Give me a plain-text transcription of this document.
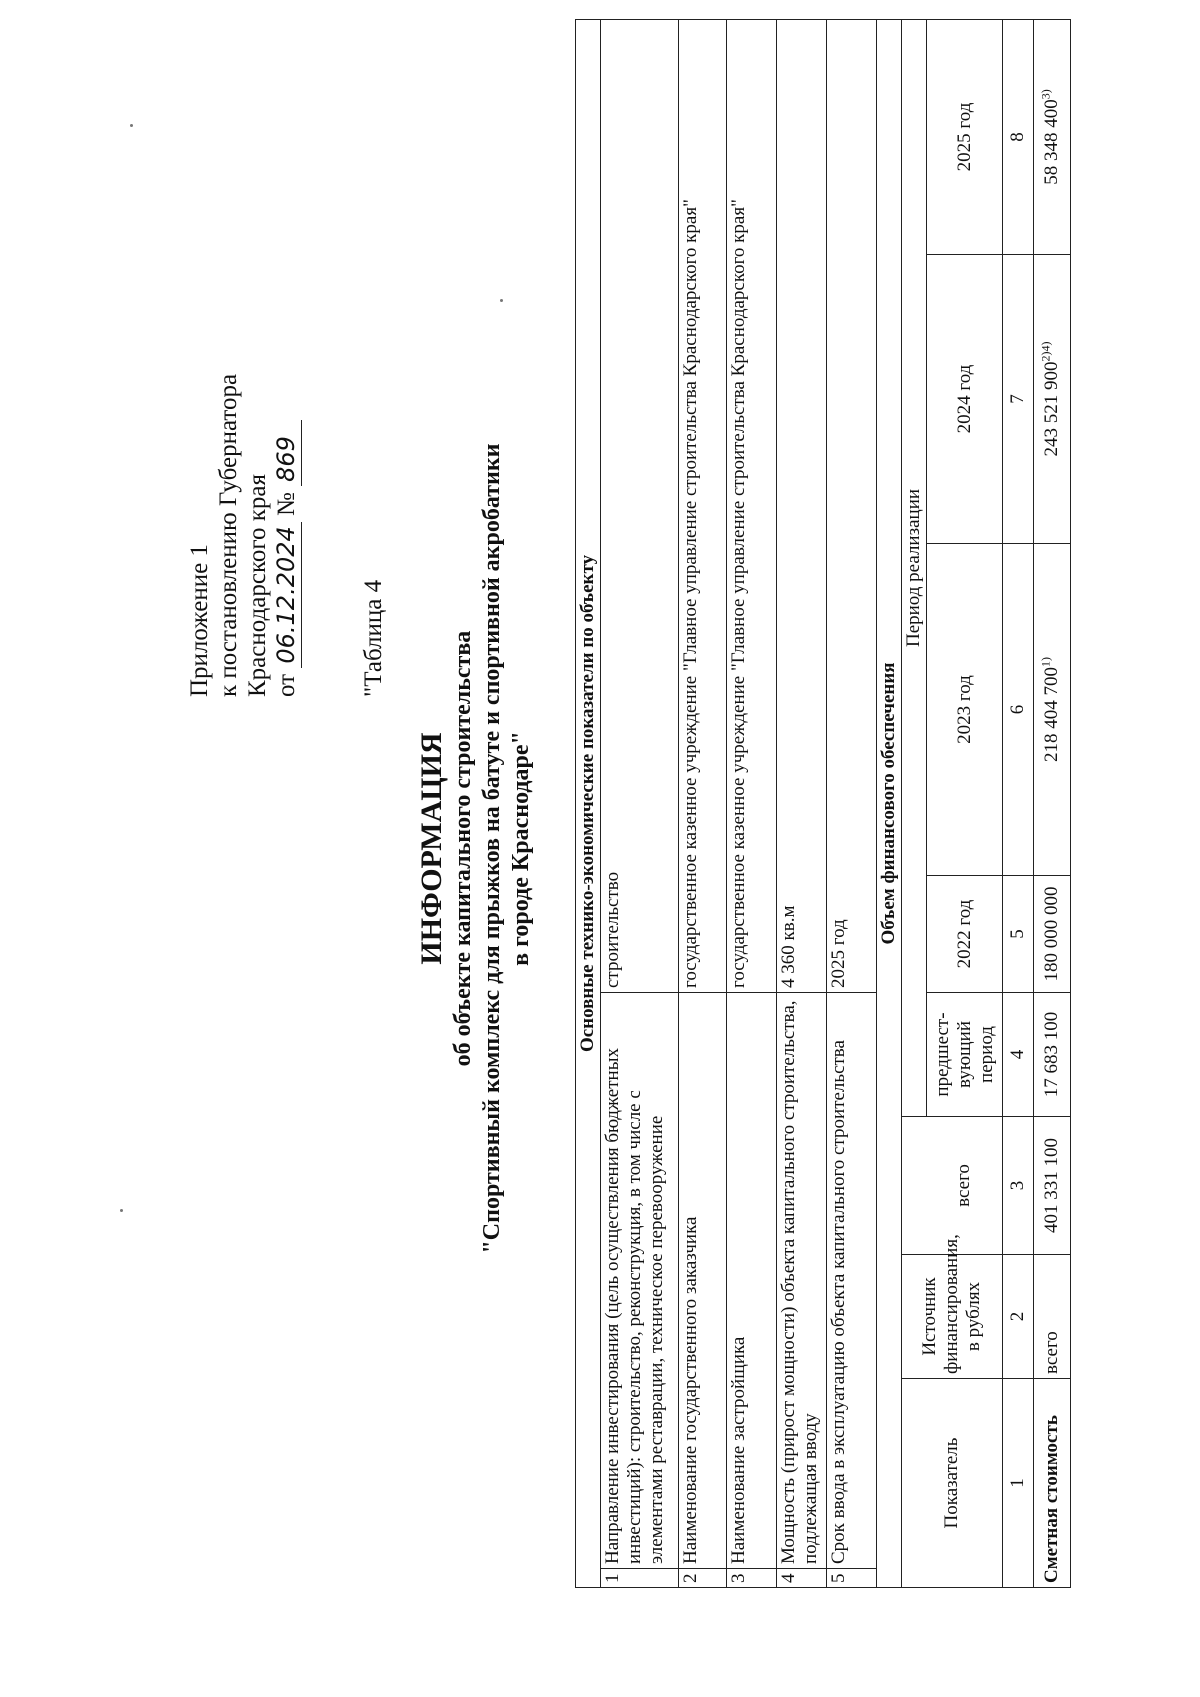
Приложение 1 к постановлению Губернатора Краснодарского края от 06.12.2024 № 869
"Таблица 4
ИНФОРМАЦИЯ об объекте капитального строительства "Спортивный комплекс для прыжков на батуте и спортивной акробатики в городе Краснодаре" Основные технико-экономические показатели по объекту								
1	Направление инвестирования (цель осуществления бюджетных инвестиций): строительство, реконструкция, в том числе с элементами реставрации, техническое перевооружение				строительство			
2	Наименование государственного заказчика				государственное казенное учреждение "Главное управление строительства Краснодарского края"			
3	Наименование застройщика				государственное казенное учреждение "Главное управление строительства Краснодарского края"			
4	Мощность (прирост мощности) объекта капитального строительства, подлежащая вводу				4 360 кв.м			
5	Срок ввода в эксплуатацию объекта капитального строительства				2025 год			
Объем финансового обеспечения								
Показатель		Источник финансирования, в рублях		Период реализации				
			всего	предшест-вующий период	2022 год	2023 год	2024 год	2025 год
1		2	3	4	5	6	7	8
Сметная стоимость		всего	401 331 100	17 683 100	180 000 000	218 404 700$^{1)}$	243 521 $900^{2)4)}$	58 348 400$^{3)}$
